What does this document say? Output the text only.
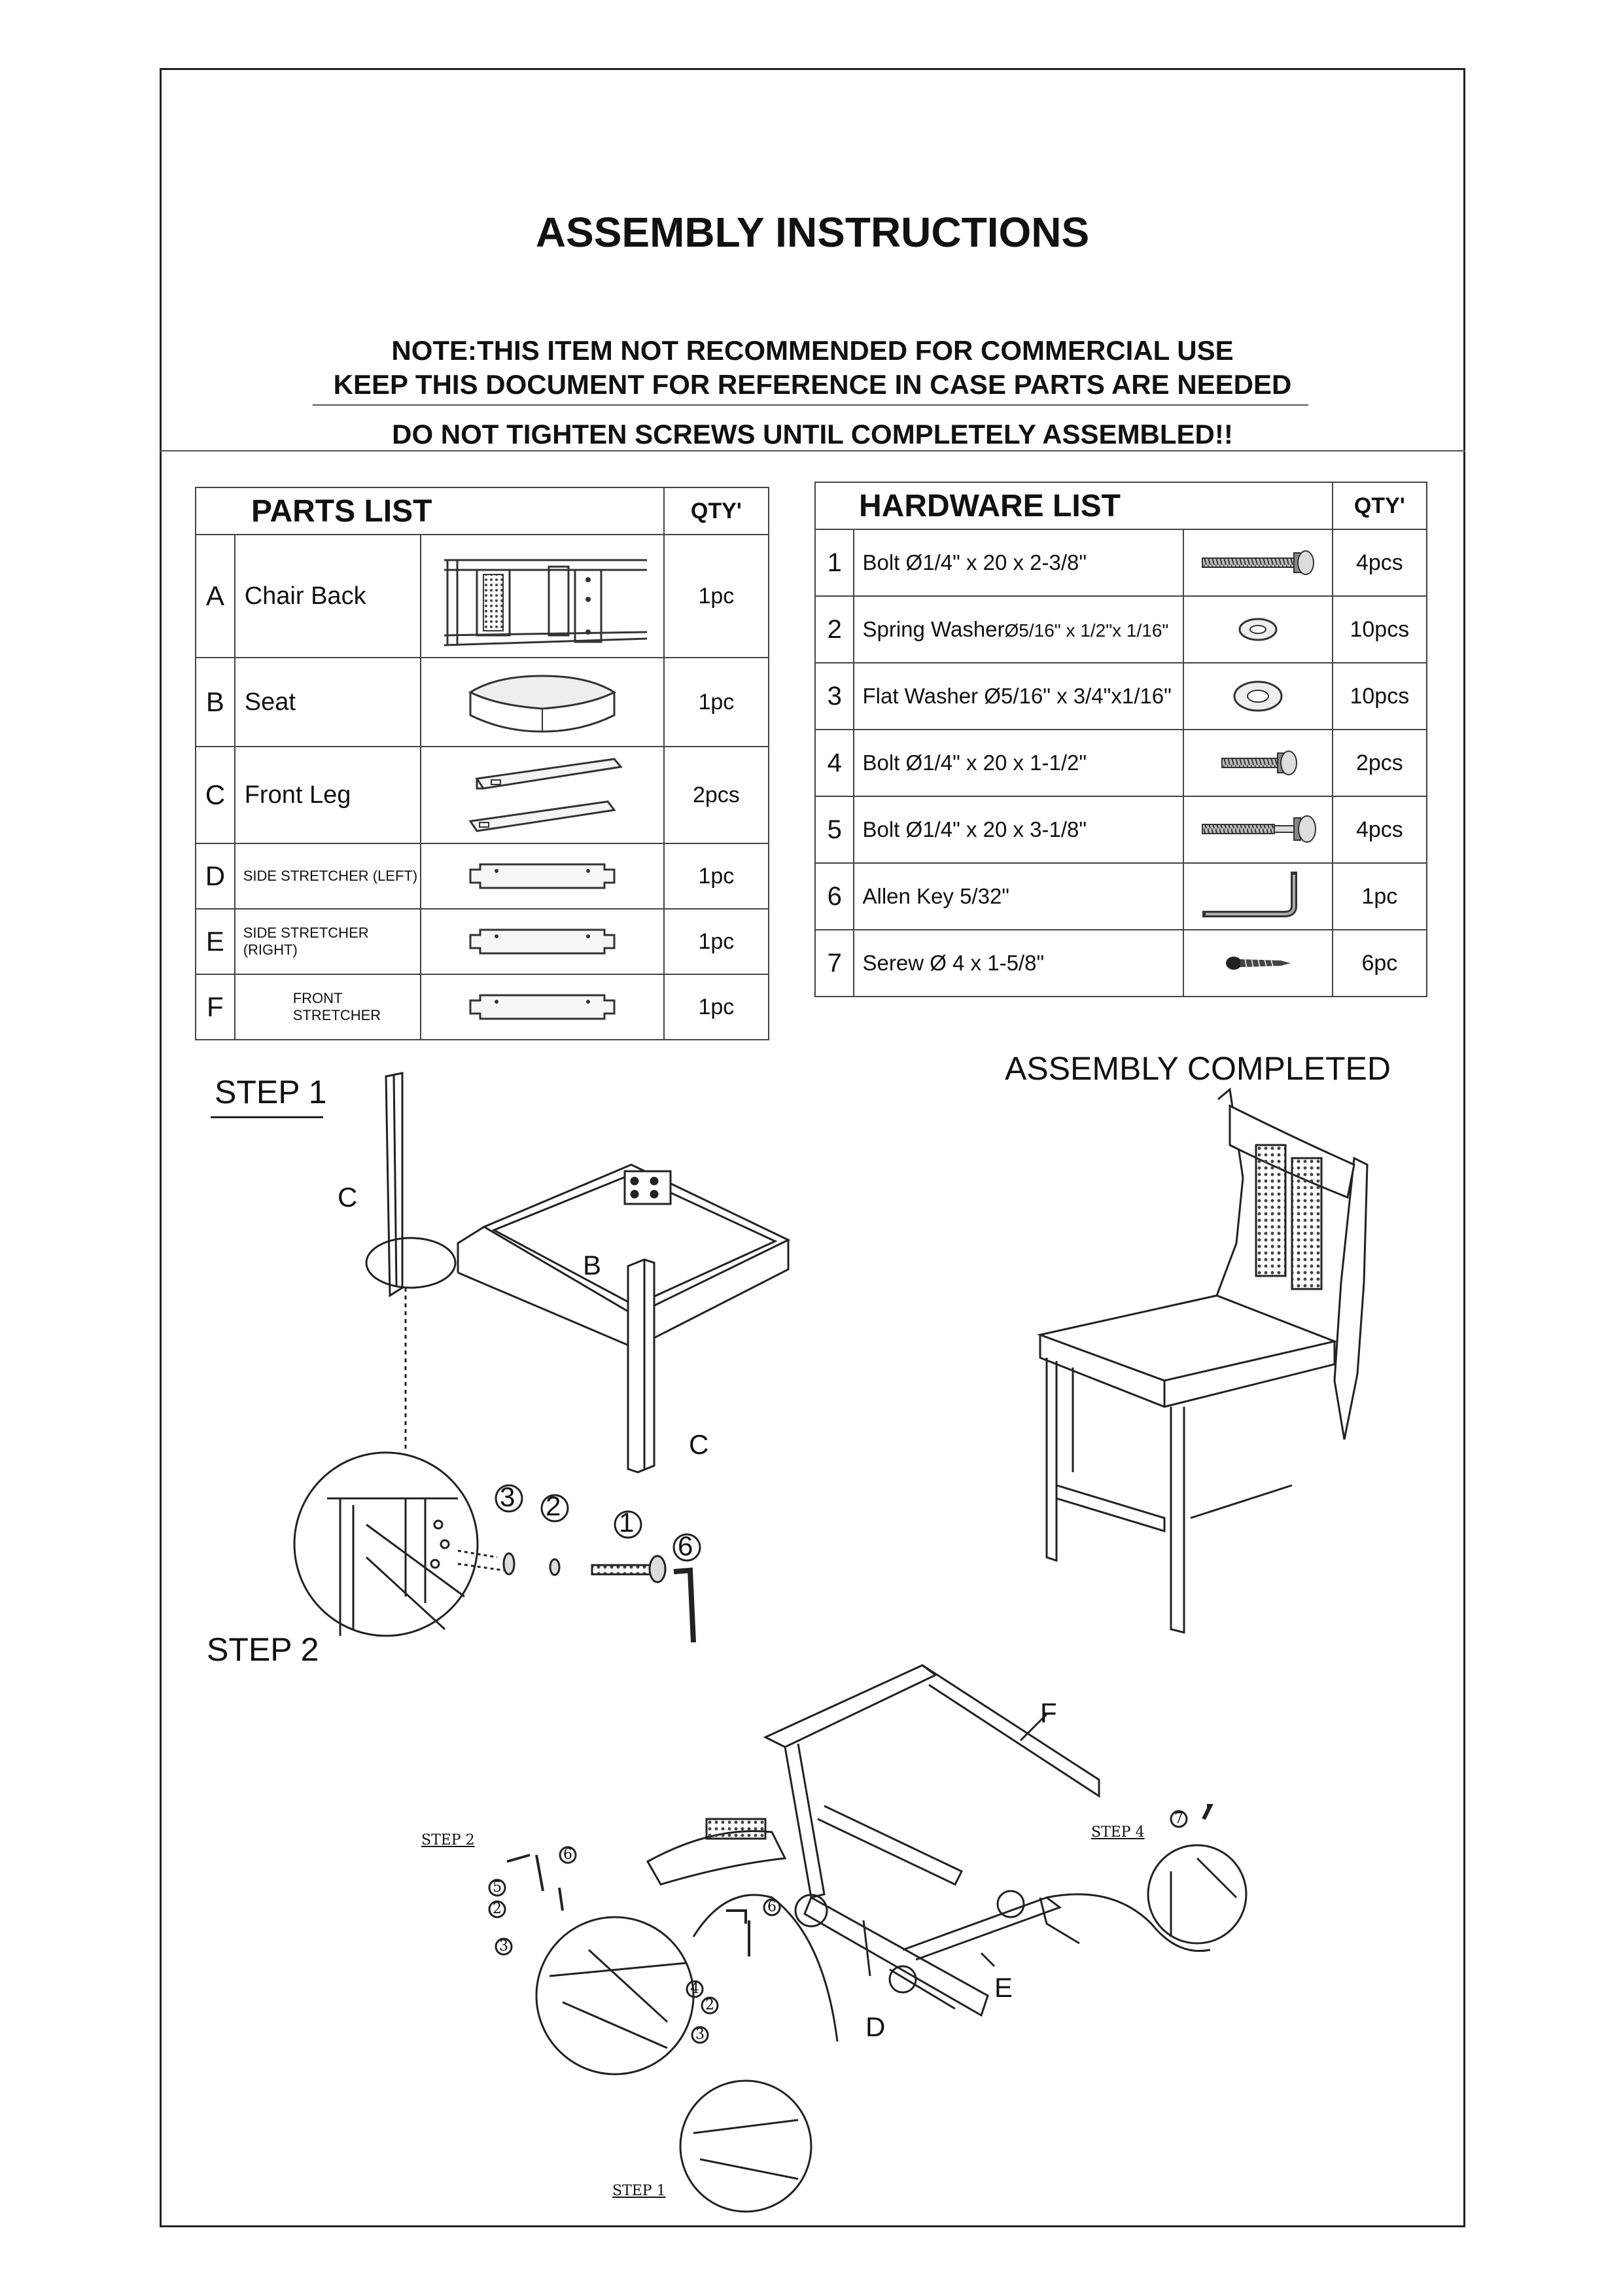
ASSEMBLY INSTRUCTIONS
NOTE:THIS ITEM NOT RECOMMENDED FOR COMMERCIAL USE
KEEP THIS DOCUMENT FOR REFERENCE IN CASE PARTS ARE NEEDED
DO NOT TIGHTEN SCREWS UNTIL COMPLETELY ASSEMBLED!!
PARTS LIST			QTY'
A	Chair Back		1pc
B	Seat		1pc
C	Front Leg		2pcs
D	SIDE STRETCHER (LEFT)		1pc
E	SIDE STRETCHER (RIGHT)		1pc
F	FRONT STRETCHER		1pc
HARDWARE LIST			QTY'
1	Bolt Ø1/4" x 20 x 2-3/8"		4pcs
2	Spring WasherØ5/16" x 1/2"x 1/16"		10pcs
3	Flat Washer Ø5/16" x 3/4"x1/16"		10pcs
4	Bolt Ø1/4" x 20 x 1-1/2"		2pcs
5	Bolt Ø1/4" x 20 x 3-1/8"		4pcs
6	Allen Key 5/32"		1pc
7	Serew Ø 4 x 1-5/8"		6pc
STEP 1
STEP 2
ASSEMBLY COMPLETED
C
B
C
3 2
1
6
F
E
D
STEP 2	STEP 4
STEP 1
6
5
2
3
6
4
2
3
7
